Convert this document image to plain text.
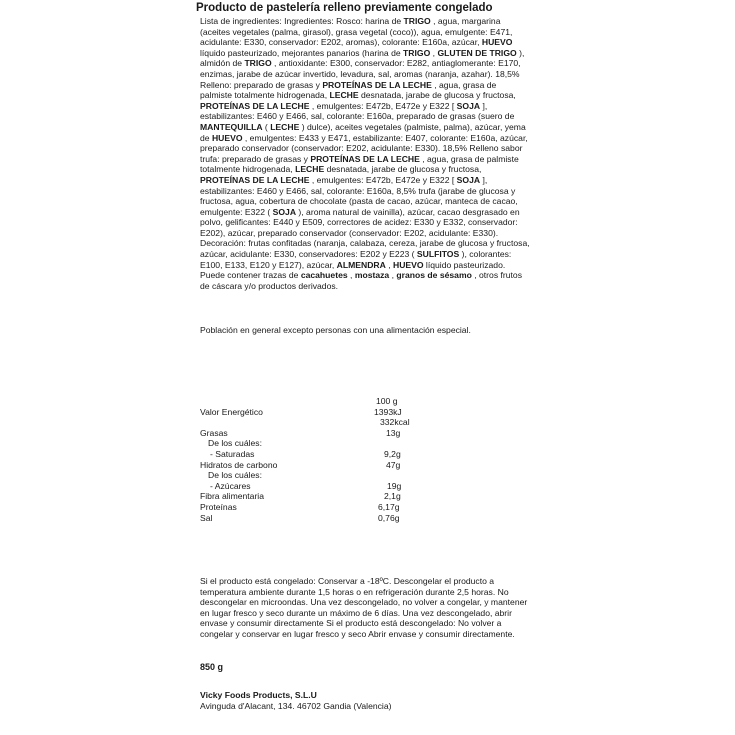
Producto de pastelería relleno previamente congelado
Lista de ingredientes: Ingredientes: Rosco: harina de TRIGO , agua, margarina (aceites vegetales (palma, girasol), grasa vegetal (coco)), agua, emulgente: E471, acidulante: E330, conservador: E202, aromas), colorante: E160a, azúcar, HUEVO líquido pasteurizado, mejorantes panarios (harina de TRIGO , GLUTEN DE TRIGO ), almidón de TRIGO , antioxidante: E300, conservador: E282, antiaglomerante: E170, enzimas, jarabe de azúcar invertido, levadura, sal, aromas (naranja, azahar). 18,5% Relleno: preparado de grasas y PROTEÍNAS DE LA LECHE , agua, grasa de palmiste totalmente hidrogenada, LECHE desnatada, jarabe de glucosa y fructosa, PROTEÍNAS DE LA LECHE , emulgentes: E472b, E472e y E322 [ SOJA ], estabilizantes: E460 y E466, sal, colorante: E160a, preparado de grasas (suero de MANTEQUILLA ( LECHE ) dulce), aceites vegetales (palmiste, palma), azúcar, yema de HUEVO , emulgentes: E433 y E471, estabilizante: E407, colorante: E160a, azúcar, preparado conservador (conservador: E202, acidulante: E330). 18,5% Relleno sabor trufa: preparado de grasas y PROTEÍNAS DE LA LECHE , agua, grasa de palmiste totalmente hidrogenada, LECHE desnatada, jarabe de glucosa y fructosa, PROTEÍNAS DE LA LECHE , emulgentes: E472b, E472e y E322 [ SOJA ], estabilizantes: E460 y E466, sal, colorante: E160a, 8,5% trufa (jarabe de glucosa y fructosa, agua, cobertura de chocolate (pasta de cacao, azúcar, manteca de cacao, emulgente: E322 ( SOJA ), aroma natural de vainilla), azúcar, cacao desgrasado en polvo, gelificantes: E440 y E509, correctores de acidez: E330 y E332, conservador: E202), azúcar, preparado conservador (conservador: E202, acidulante: E330). Decoración: frutas confitadas (naranja, calabaza, cereza, jarabe de glucosa y fructosa, azúcar, acidulante: E330, conservadores: E202 y E223 ( SULFITOS ), colorantes: E100, E133, E120 y E127), azúcar, ALMENDRA , HUEVO líquido pasteurizado. Puede contener trazas de cacahuetes , mostaza , granos de sésamo , otros frutos de cáscara y/o productos derivados.
Población en general excepto personas con una alimentación especial.
100 g
Valor Energético	1393kJ
332kcal
Grasas	13g
De los cuáles:
- Saturadas	9,2g
Hidratos de carbono	47g
De los cuáles:
- Azúcares	19g
Fibra alimentaria	2,1g
Proteínas	6,17g
Sal	0,76g
Si el producto está congelado: Conservar a -18ºC. Descongelar el producto a temperatura ambiente durante 1,5 horas o en refrigeración durante 2,5 horas. No descongelar en microondas. Una vez descongelado, no volver a congelar, y mantener en lugar fresco y seco durante un máximo de 6 días. Una vez descongelado, abrir envase y consumir directamente Si el producto está descongelado: No volver a congelar y conservar en lugar fresco y seco Abrir envase y consumir directamente.
850 g
Vicky Foods Products, S.L.U
Avinguda d'Alacant, 134. 46702 Gandia (Valencia)
